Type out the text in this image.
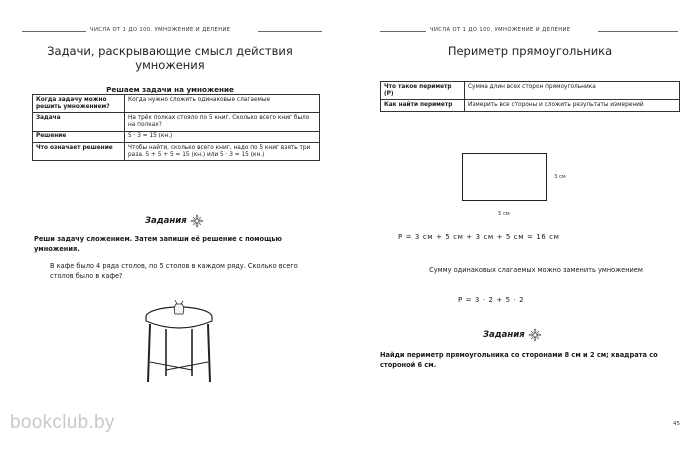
ЧИСЛА ОТ 1 ДО 100. УМНОЖЕНИЕ И ДЕЛЕНИЕ
Задачи, раскрывающие смысл действия
умножения
Решаем задачи на умножение
Когда задачу можно решить умножением?	Когда нужно сложить одинаковые слагаемые
Задача	На трёх полках стояло по 5 книг. Сколько всего книг было на полках?
Решение	5 · 3 = 15 (кн.)
Что означает решение	Чтобы найти, сколько всего книг, надо по 5 книг взять три раза. 5 + 5 + 5 = 15 (кн.) или 5 · 3 = 15 (кн.)
Задания
Реши задачу сложением. Затем запиши её решение с помощью умножения.
В кафе было 4 ряда столов, по 5 столов в каждом ряду. Сколько всего столов было в кафе?
ЧИСЛА ОТ 1 ДО 100. УМНОЖЕНИЕ И ДЕЛЕНИЕ
Периметр прямоугольника
Что такое периметр (P)	Сумма длин всех сторон прямоугольника
Как найти периметр	Измерить все стороны и сложить результаты измерений
3 см
5 см
P = 3 см + 5 см + 3 см + 5 см = 16 см
Сумму одинаковых слагаемых можно заменить умножением
P = 3 · 2 + 5 · 2
Задания
Найди периметр прямоугольника со сторонами 8 см и 2 см; квадрата со стороной 6 см.
bookclub.by	45
